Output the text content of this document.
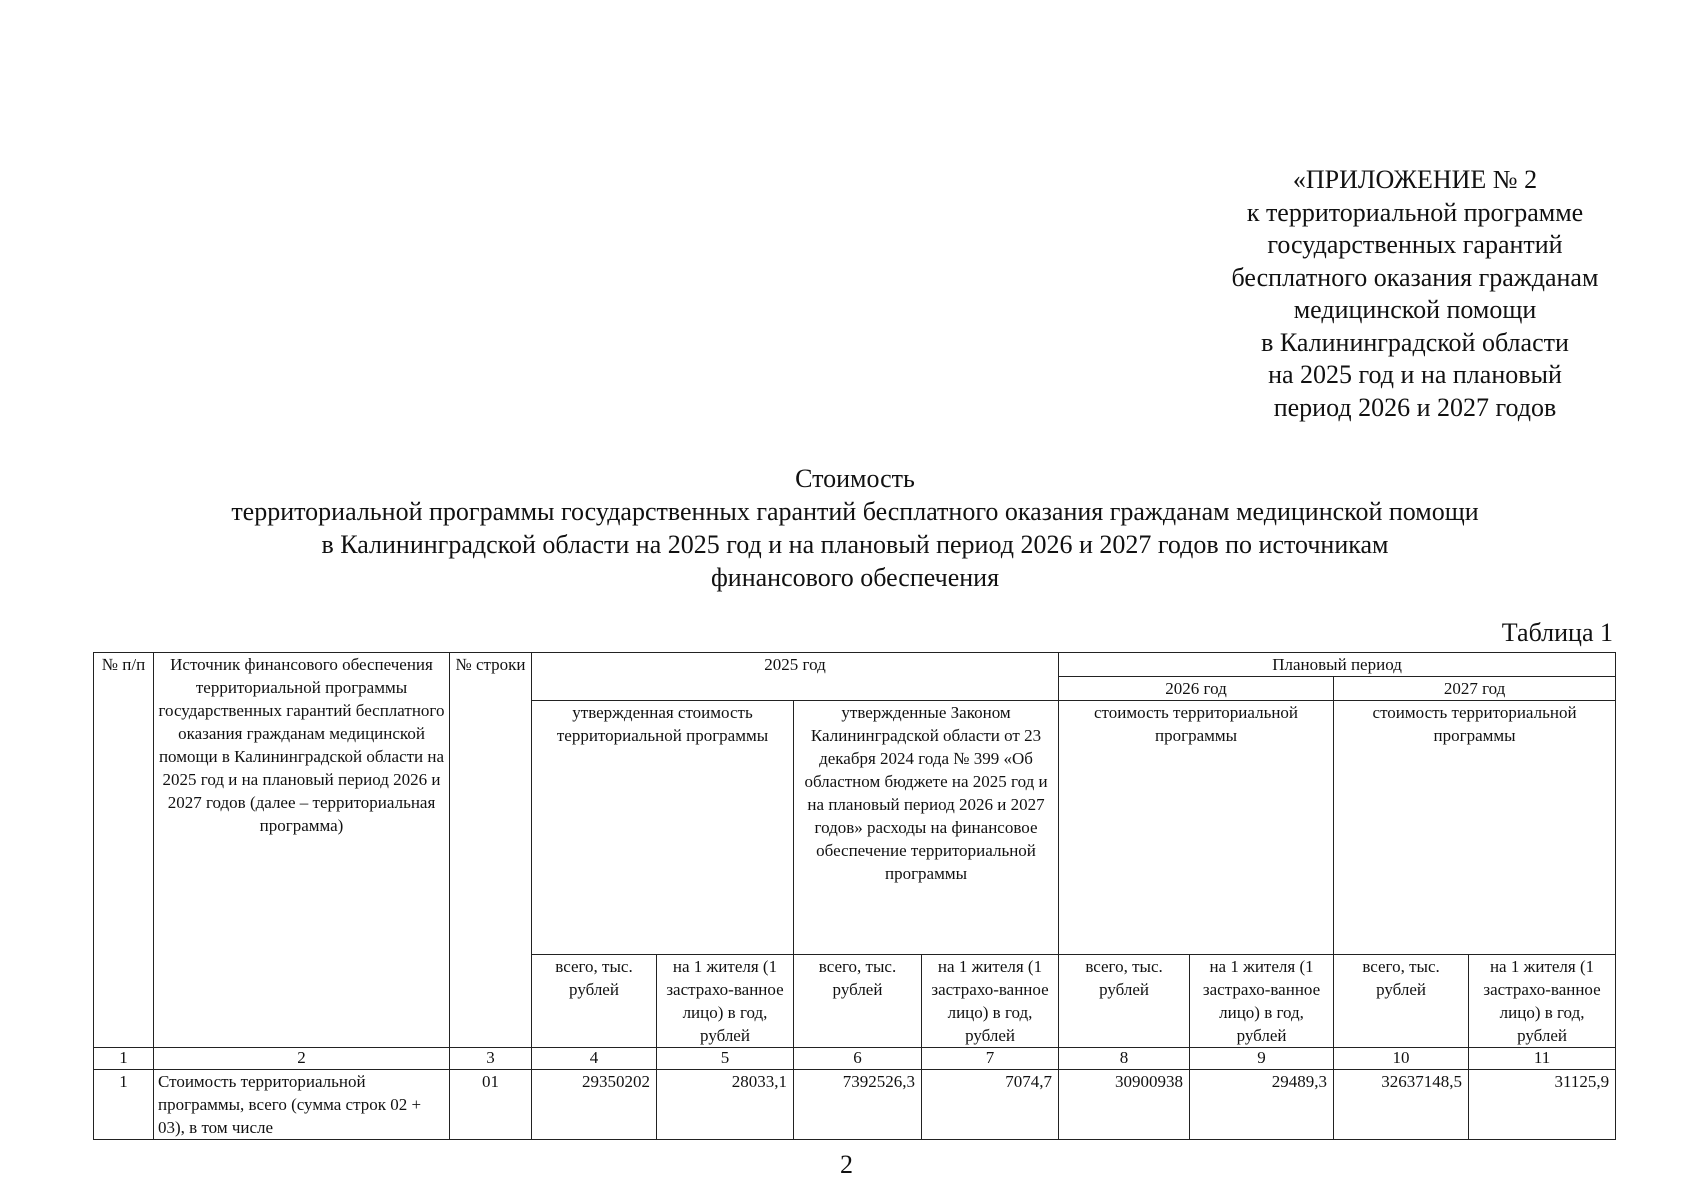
«ПРИЛОЖЕНИЕ № 2
к территориальной программе
государственных гарантий
бесплатного оказания гражданам
медицинской помощи
в Калининградской области
на 2025 год и на плановый
период 2026 и 2027 годов
Стоимость
территориальной программы государственных гарантий бесплатного оказания гражданам медицинской помощи
в Калининградской области на 2025 год и на плановый период 2026 и 2027 годов по источникам
финансового обеспечения
Таблица 1
№ п/п	Источник финансового обеспечения территориальной программы государственных гарантий бесплатного оказания гражданам медицинской помощи в Калининградской области на 2025 год и на плановый период 2026 и 2027 годов (далее – территориальная программа)	№ строки	2025 год				Плановый период			
							2026 год		2027 год	
			утвержденная стоимость территориальной программы		утвержденные Законом Калининградской области от 23 декабря 2024 года № 399 «Об областном бюджете на 2025 год и на плановый период 2026 и 2027 годов» расходы на финансовое обеспечение территориальной программы		стоимость территориальной программы		стоимость территориальной программы	
			всего, тыс. рублей	на 1 жителя (1 застрахо-ванное лицо) в год, рублей	всего, тыс. рублей	на 1 жителя (1 застрахо-ванное лицо) в год, рублей	всего, тыс. рублей	на 1 жителя (1 застрахо-ванное лицо) в год, рублей	всего, тыс. рублей	на 1 жителя (1 застрахо-ванное лицо) в год, рублей
1	2	3	4	5	6	7	8	9	10	11
1	Стоимость территориальной программы, всего (сумма строк 02 + 03), в том числе	01	29350202	28033,1	7392526,3	7074,7	30900938	29489,3	32637148,5	31125,9
2
